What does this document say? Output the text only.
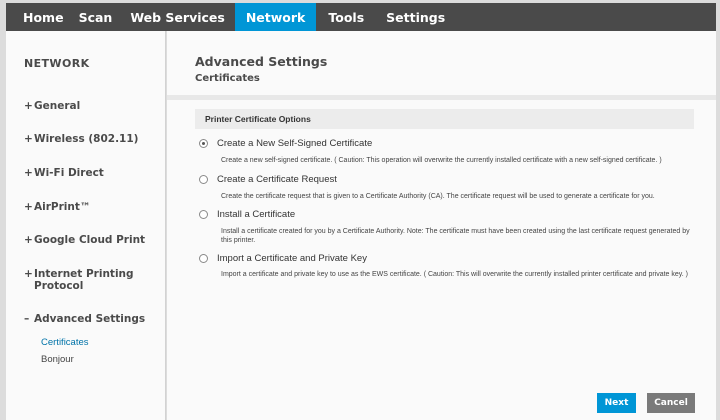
Home Scan Web Services Network Tools Settings
NETWORK
+ General
+ Wireless (802.11)
+ Wi-Fi Direct
+ AirPrint™
+ Google Cloud Print
+ Internet Printing Protocol
– Advanced Settings
Certificates
Bonjour
Advanced Settings
Certificates
Printer Certificate Options
Create a New Self-Signed Certificate
Create a new self-signed certificate. ( Caution: This operation will overwrite the currently installed certificate with a new self-signed certificate. )
Create a Certificate Request
Create the certificate request that is given to a Certificate Authority (CA). The certificate request will be used to generate a certificate for you.
Install a Certificate
Install a certificate created for you by a Certificate Authority. Note: The certificate must have been created using the last certificate request generated by this printer.
Import a Certificate and Private Key
Import a certificate and private key to use as the EWS certificate. ( Caution: This will overwrite the currently installed printer certificate and private key. )
Next	Cancel
